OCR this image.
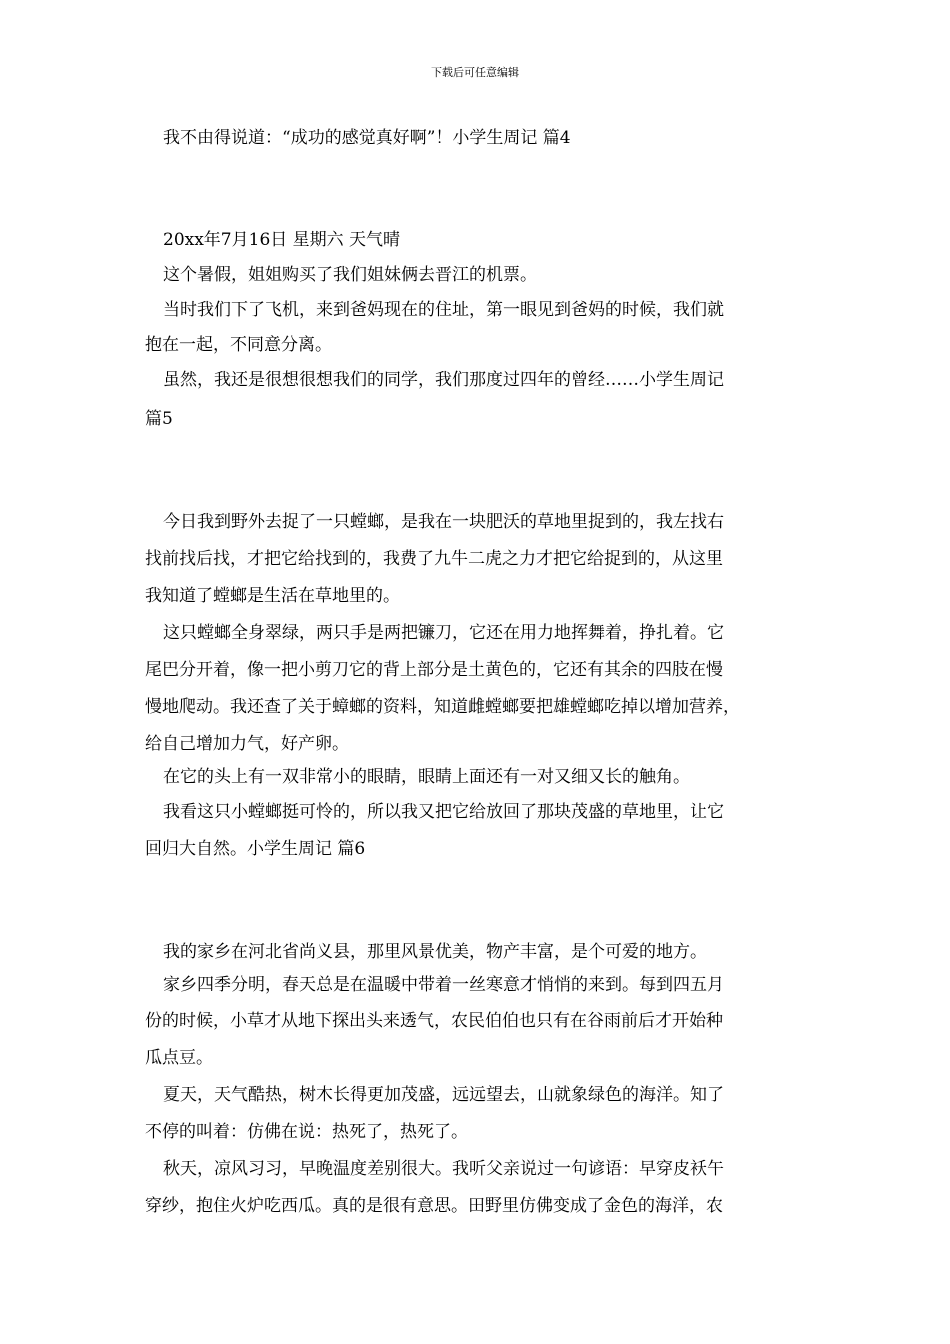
下载后可任意编辑
我不由得说道：“成功的感觉真好啊”！小学生周记 篇4
20xx年7月16日 星期六 天气晴
这个暑假，姐姐购买了我们姐妹俩去晋江的机票。
当时我们下了飞机，来到爸妈现在的住址，第一眼见到爸妈的时候，我们就
抱在一起，不同意分离。
虽然，我还是很想很想我们的同学，我们那度过四年的曾经……小学生周记
篇5
今日我到野外去捉了一只螳螂，是我在一块肥沃的草地里捉到的，我左找右
找前找后找，才把它给找到的，我费了九牛二虎之力才把它给捉到的，从这里
我知道了螳螂是生活在草地里的。
这只螳螂全身翠绿，两只手是两把镰刀，它还在用力地挥舞着，挣扎着。它
尾巴分开着，像一把小剪刀它的背上部分是土黄色的，它还有其余的四肢在慢
慢地爬动。我还查了关于蟑螂的资料，知道雌螳螂要把雄螳螂吃掉以增加营养，
给自己增加力气，好产卵。
在它的头上有一双非常小的眼睛，眼睛上面还有一对又细又长的触角。
我看这只小螳螂挺可怜的，所以我又把它给放回了那块茂盛的草地里，让它
回归大自然。小学生周记 篇6
我的家乡在河北省尚义县，那里风景优美，物产丰富，是个可爱的地方。
家乡四季分明，春天总是在温暖中带着一丝寒意才悄悄的来到。每到四五月
份的时候，小草才从地下探出头来透气，农民伯伯也只有在谷雨前后才开始种
瓜点豆。
夏天，天气酷热，树木长得更加茂盛，远远望去，山就象绿色的海洋。知了
不停的叫着：仿佛在说：热死了，热死了。
秋天，凉风习习，早晚温度差别很大。我听父亲说过一句谚语：早穿皮袄午
穿纱，抱住火炉吃西瓜。真的是很有意思。田野里仿佛变成了金色的海洋，农
